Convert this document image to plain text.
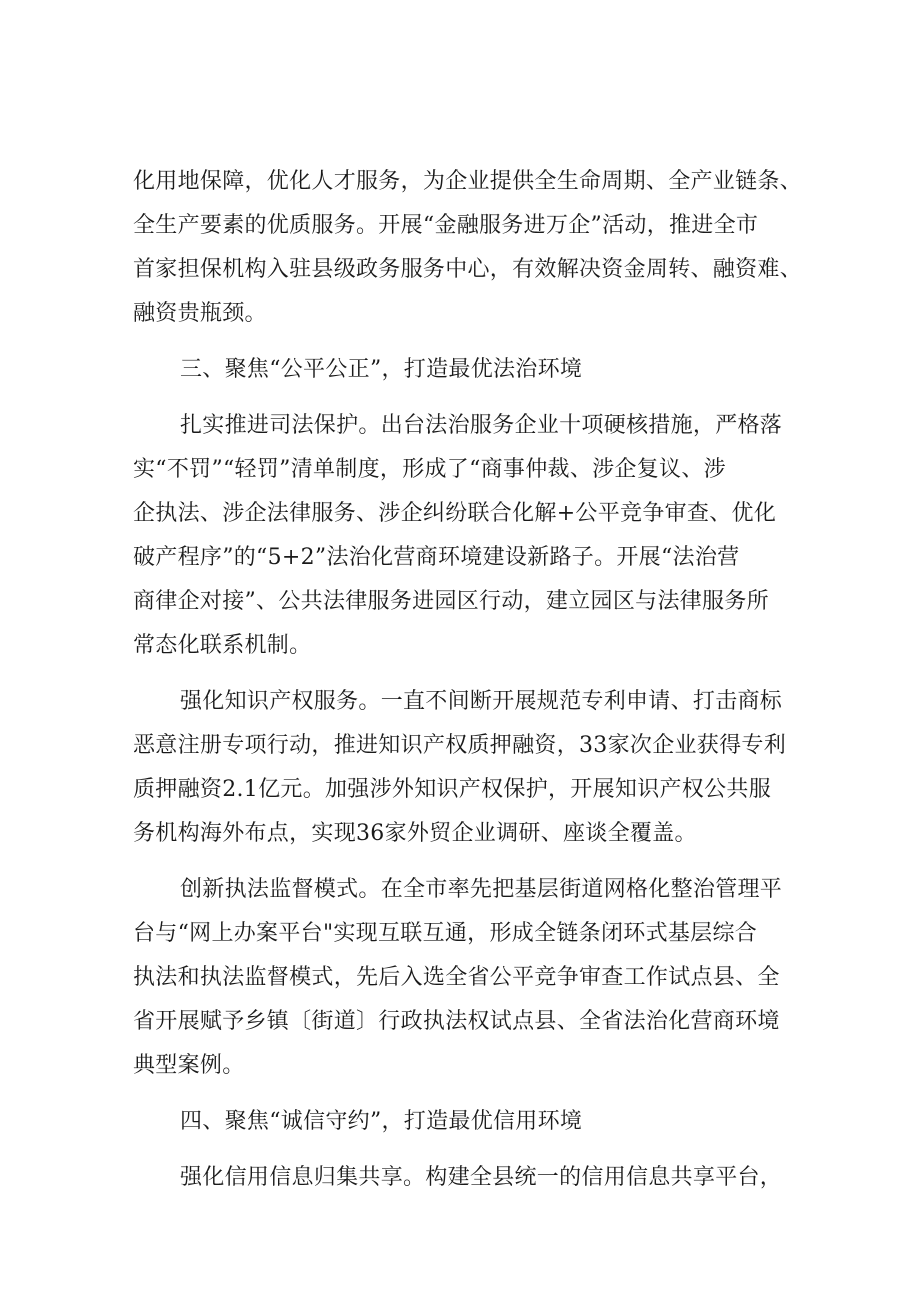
化用地保障，优化人才服务，为企业提供全生命周期、全产业链条、
全生产要素的优质服务。开展“金融服务进万企”活动，推进全市
首家担保机构入驻县级政务服务中心，有效解决资金周转、融资难、
融资贵瓶颈。
三、聚焦“公平公正”，打造最优法治环境
扎实推进司法保护。出台法治服务企业十项硬核措施，严格落
实“不罚”“轻罚”清单制度，形成了“商事仲裁、涉企复议、涉
企执法、涉企法律服务、涉企纠纷联合化解+公平竞争审查、优化
破产程序”的“5+2”法治化营商环境建设新路子。开展“法治营
商律企对接”、公共法律服务进园区行动，建立园区与法律服务所
常态化联系机制。
强化知识产权服务。一直不间断开展规范专利申请、打击商标
恶意注册专项行动，推进知识产权质押融资，33家次企业获得专利
质押融资2.1亿元。加强涉外知识产权保护，开展知识产权公共服
务机构海外布点，实现36家外贸企业调研、座谈全覆盖。
创新执法监督模式。在全市率先把基层街道网格化整治管理平
台与“网上办案平台"实现互联互通，形成全链条闭环式基层综合
执法和执法监督模式，先后入选全省公平竞争审查工作试点县、全
省开展赋予乡镇〔街道〕行政执法权试点县、全省法治化营商环境
典型案例。
四、聚焦“诚信守约”，打造最优信用环境
强化信用信息归集共享。构建全县统一的信用信息共享平台，
